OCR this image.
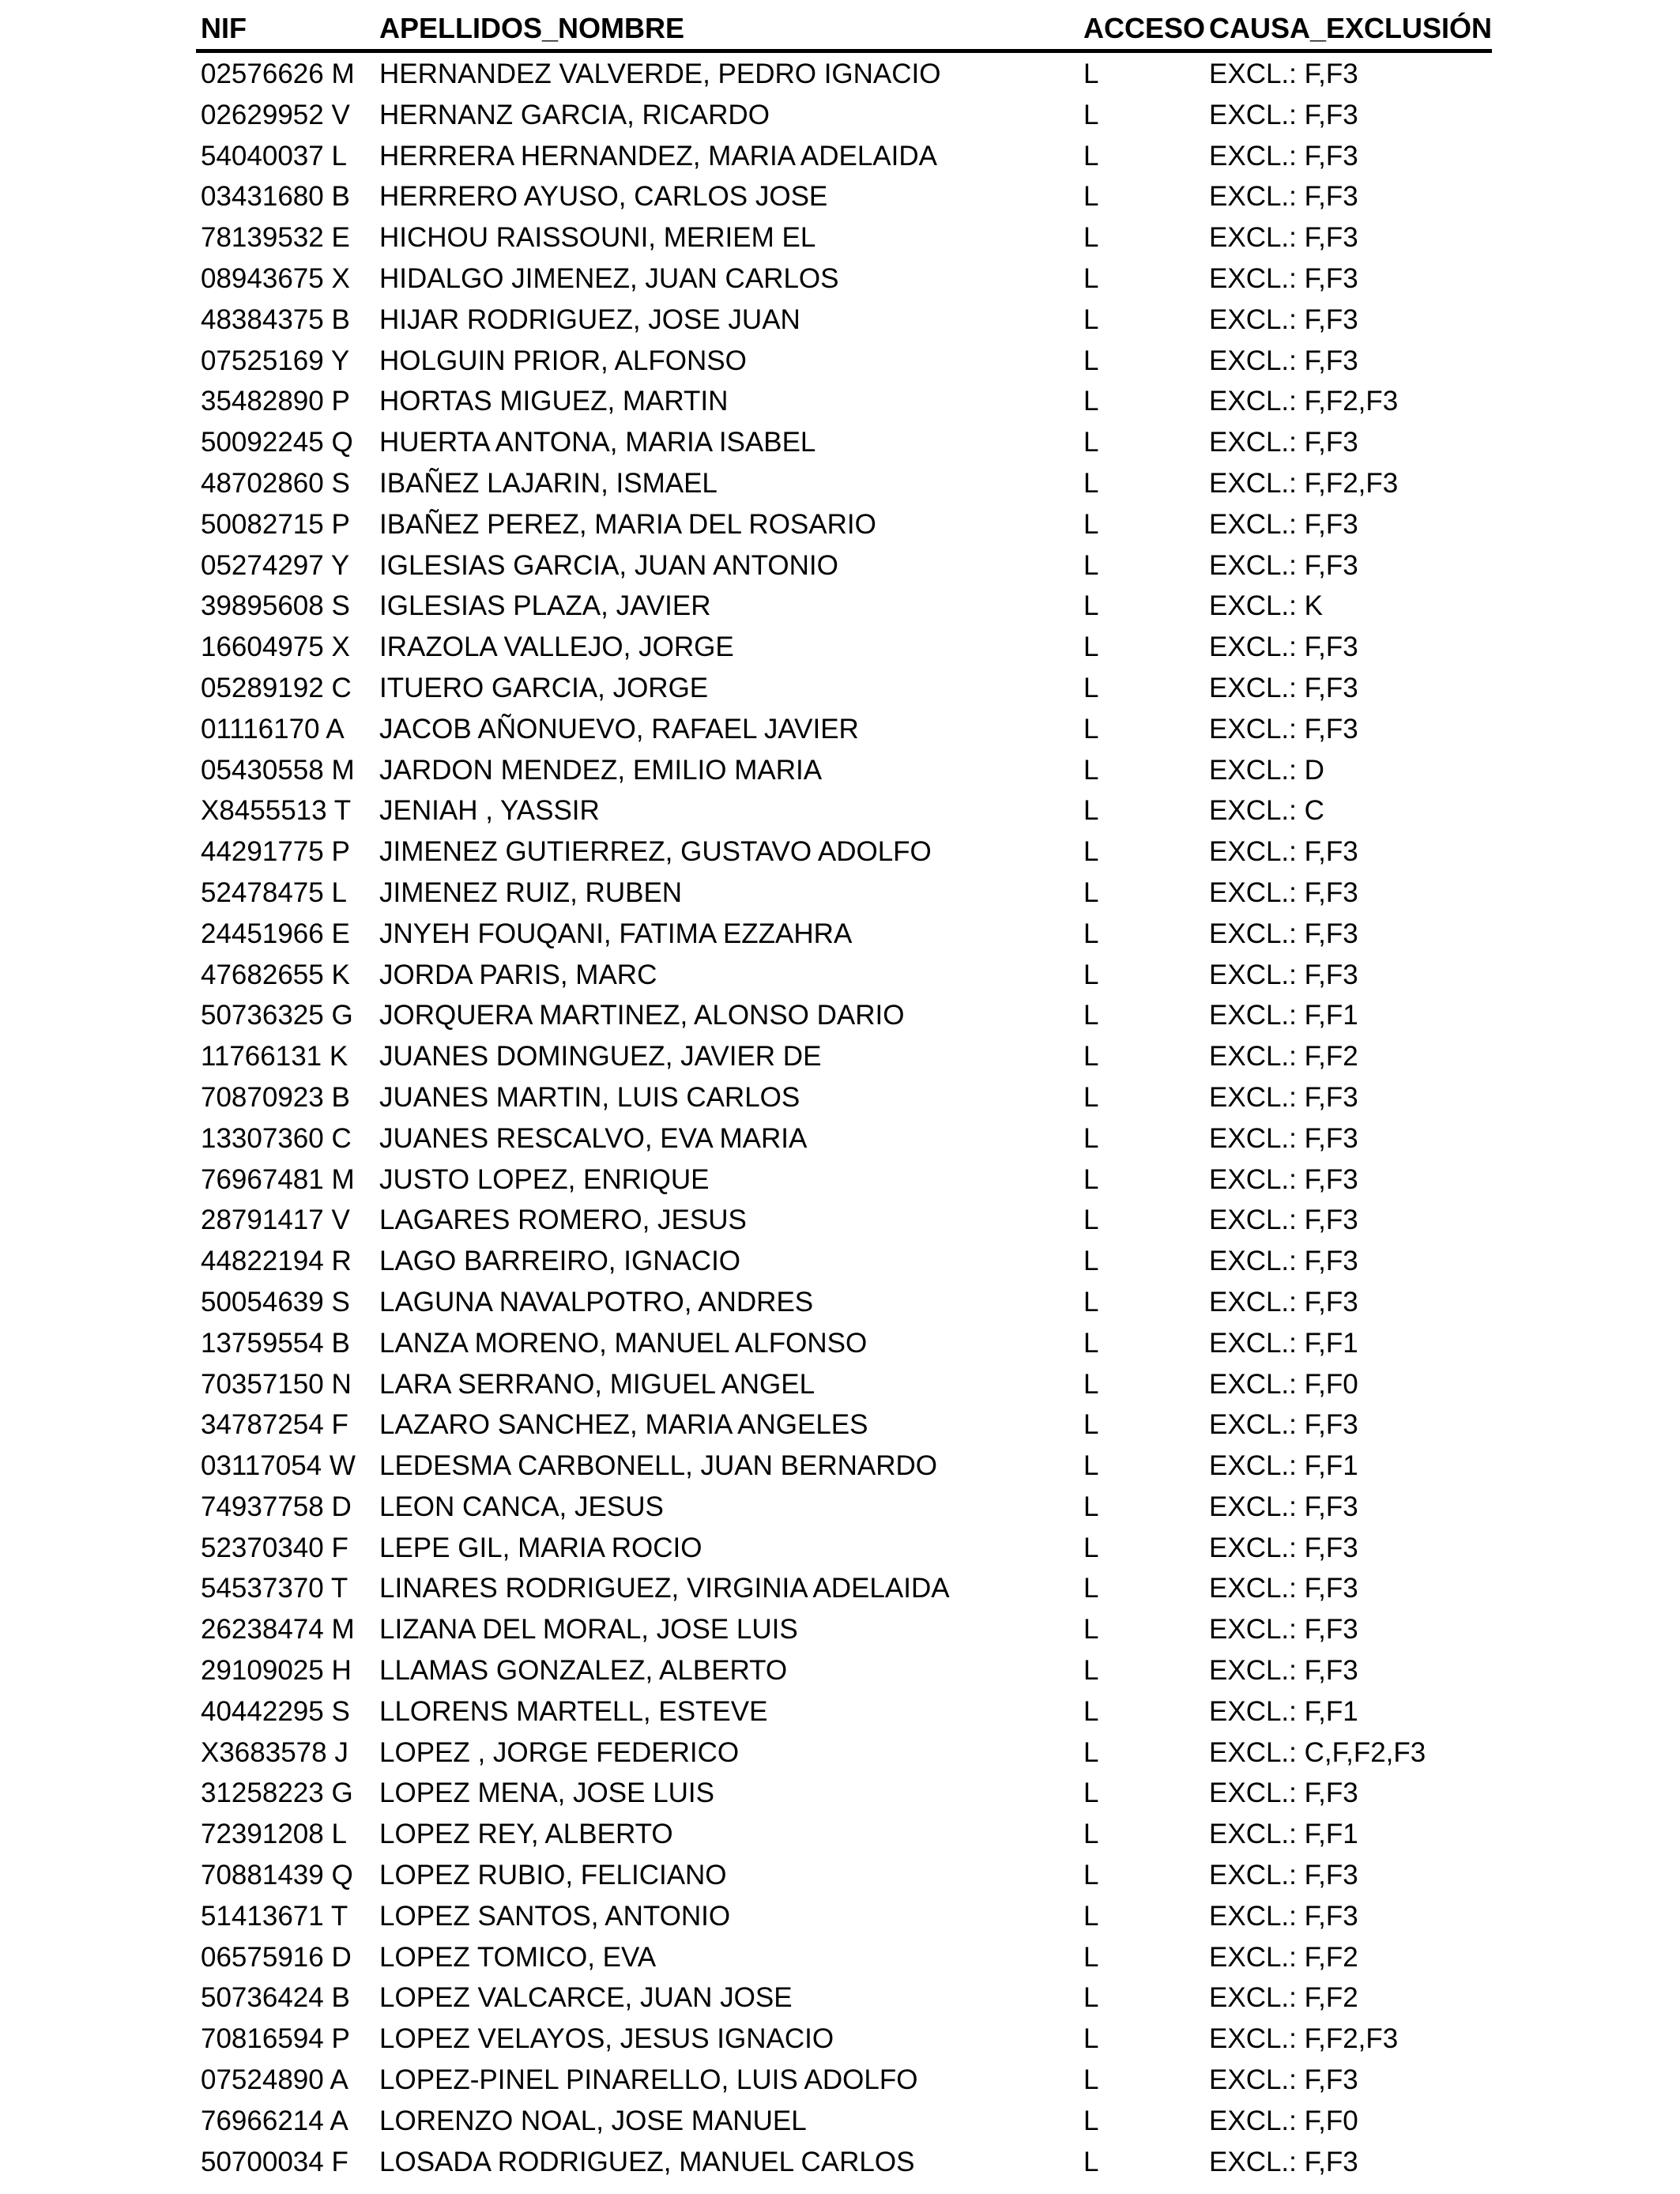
NIF	APELLIDOS_NOMBRE	ACCESO CAUSA_EXCLUSIÓN
02576626 M HERNANDEZ VALVERDE, PEDRO IGNACIO	L	EXCL.: F,F3
02629952 V HERNANZ GARCIA, RICARDO	L	EXCL.: F,F3
54040037 L HERRERA HERNANDEZ, MARIA ADELAIDA	L	EXCL.: F,F3
03431680 B HERRERO AYUSO, CARLOS JOSE	L	EXCL.: F,F3
78139532 E HICHOU RAISSOUNI, MERIEM EL	L	EXCL.: F,F3
08943675 X HIDALGO JIMENEZ, JUAN CARLOS	L	EXCL.: F,F3
48384375 B HIJAR RODRIGUEZ, JOSE JUAN	L	EXCL.: F,F3
07525169 Y HOLGUIN PRIOR, ALFONSO	L	EXCL.: F,F3
35482890 P HORTAS MIGUEZ, MARTIN	L	EXCL.: F,F2,F3
50092245 Q HUERTA ANTONA, MARIA ISABEL	L	EXCL.: F,F3
48702860 S IBAÑEZ LAJARIN, ISMAEL	L	EXCL.: F,F2,F3
50082715 P IBAÑEZ PEREZ, MARIA DEL ROSARIO	L	EXCL.: F,F3
05274297 Y IGLESIAS GARCIA, JUAN ANTONIO	L	EXCL.: F,F3
39895608 S IGLESIAS PLAZA, JAVIER	L	EXCL.: K
16604975 X IRAZOLA VALLEJO, JORGE	L	EXCL.: F,F3
05289192 C ITUERO GARCIA, JORGE	L	EXCL.: F,F3
01116170 A JACOB AÑONUEVO, RAFAEL JAVIER	L	EXCL.: F,F3
05430558 M JARDON MENDEZ, EMILIO MARIA	L	EXCL.: D
X8455513 T JENIAH , YASSIR	L	EXCL.: C
44291775 P JIMENEZ GUTIERREZ, GUSTAVO ADOLFO	L	EXCL.: F,F3
52478475 L JIMENEZ RUIZ, RUBEN	L	EXCL.: F,F3
24451966 E JNYEH FOUQANI, FATIMA EZZAHRA	L	EXCL.: F,F3
47682655 K JORDA PARIS, MARC	L	EXCL.: F,F3
50736325 G JORQUERA MARTINEZ, ALONSO DARIO	L	EXCL.: F,F1
11766131 K JUANES DOMINGUEZ, JAVIER DE	L	EXCL.: F,F2
70870923 B JUANES MARTIN, LUIS CARLOS	L	EXCL.: F,F3
13307360 C JUANES RESCALVO, EVA MARIA	L	EXCL.: F,F3
76967481 M JUSTO LOPEZ, ENRIQUE	L	EXCL.: F,F3
28791417 V LAGARES ROMERO, JESUS	L	EXCL.: F,F3
44822194 R LAGO BARREIRO, IGNACIO	L	EXCL.: F,F3
50054639 S LAGUNA NAVALPOTRO, ANDRES	L	EXCL.: F,F3
13759554 B LANZA MORENO, MANUEL ALFONSO	L	EXCL.: F,F1
70357150 N LARA SERRANO, MIGUEL ANGEL	L	EXCL.: F,F0
34787254 F LAZARO SANCHEZ, MARIA ANGELES	L	EXCL.: F,F3
03117054 W LEDESMA CARBONELL, JUAN BERNARDO	L	EXCL.: F,F1
74937758 D LEON CANCA, JESUS	L	EXCL.: F,F3
52370340 F LEPE GIL, MARIA ROCIO	L	EXCL.: F,F3
54537370 T LINARES RODRIGUEZ, VIRGINIA ADELAIDA	L	EXCL.: F,F3
26238474 M LIZANA DEL MORAL, JOSE LUIS	L	EXCL.: F,F3
29109025 H LLAMAS GONZALEZ, ALBERTO	L	EXCL.: F,F3
40442295 S LLORENS MARTELL, ESTEVE	L	EXCL.: F,F1
X3683578 J LOPEZ , JORGE FEDERICO	L	EXCL.: C,F,F2,F3
31258223 G LOPEZ MENA, JOSE LUIS	L	EXCL.: F,F3
72391208 L LOPEZ REY, ALBERTO	L	EXCL.: F,F1
70881439 Q LOPEZ RUBIO, FELICIANO	L	EXCL.: F,F3
51413671 T LOPEZ SANTOS, ANTONIO	L	EXCL.: F,F3
06575916 D LOPEZ TOMICO, EVA	L	EXCL.: F,F2
50736424 B LOPEZ VALCARCE, JUAN JOSE	L	EXCL.: F,F2
70816594 P LOPEZ VELAYOS, JESUS IGNACIO	L	EXCL.: F,F2,F3
07524890 A LOPEZ-PINEL PINARELLO, LUIS ADOLFO	L	EXCL.: F,F3
76966214 A LORENZO NOAL, JOSE MANUEL	L	EXCL.: F,F0
50700034 F LOSADA RODRIGUEZ, MANUEL CARLOS	L	EXCL.: F,F3
